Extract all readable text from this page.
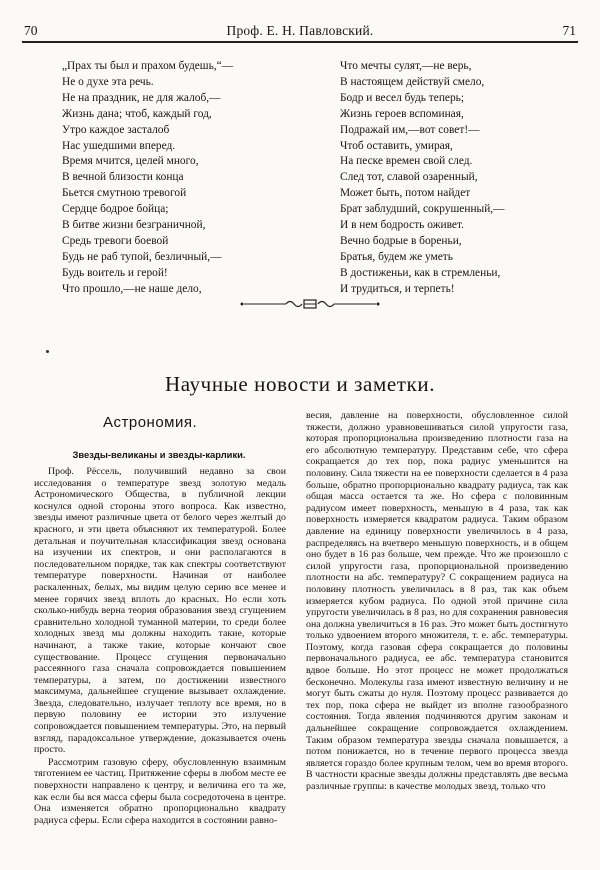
70	Проф. Е. Н. Павловский.	71
„Прах ты был и прахом будешь,“—
Не о духе эта речь.
Не на праздник, не для жалоб,—
Жизнь дана; чтоб, каждый год,
Утро каждое засталоб
Нас ушедшими вперед.
Время мчится, целей много,
В вечной близости конца
Бьется смутною тревогой
Сердце бодрое бойца;
В битве жизни безграничной,
Средь тревоги боевой
Будь не раб тупой, безличный,—
Будь воитель и герой!
Что прошло,—не наше дело,
Что мечты сулят,—не верь,
В настоящем действуй смело,
Бодр и весел будь теперь;
Жизнь героев вспоминая,
Подражай им,—вот совет!—
Чтоб оставить, умирая,
На песке времен свой след.
След тот, славой озаренный,
Может быть, потом найдет
Брат заблудший, сокрушенный,—
И в нем бодрость оживет.
Вечно бодрые в бореньи,
Братья, будем же уметь
В достиженьи, как в стремленьи,
И трудиться, и терпеть!
Научные новости и заметки.
Астрономия.
Звезды-великаны и звезды-карлики.

Проф. Рëссель, получивший недавно за свои исследования о температуре звезд золотую медаль Астрономического Общества, в публичной лекции коснулся одной стороны этого вопроса. Как известно, звезды имеют различные цвета от белого через желтый до красного, и эти цвета объясняют их температурой. Более детальная и поучительная классификация звезд основана на изучении их спектров, и они располагаются в последовательном порядке, так как спектры соответствуют температуре поверхности. Начиная от наиболее раскаленных, белых, мы видим целую серию все менее и менее горячих звезд вплоть до красных. Но если хоть сколько-нибудь верна теория образования звезд сгущением сравнительно холодной туманной материи, то среди более холодных звезд мы должны находить такие, которые начинают, а также такие, которые кончают свое существование. Процесс сгущения первоначально рассеянного газа сначала сопровождается повышением температуры, а затем, по достижении известного максимума, дальнейшее сгущение вызывает охлаждение. Звезда, следовательно, излучает теплоту все время, но в первую половину ее истории это излучение сопровождается повышением температуры. Это, на первый взгляд, парадоксальное утверждение, доказывается очень просто.

Рассмотрим газовую сферу, обусловленную взаимным тяготением ее частиц. Притяжение сферы в любом месте ее поверхности направлено к центру, и величина его та же, как если бы вся масса сферы была сосредоточена в центре. Она изменяется обратно пропорционально квадрату радиуса сферы. Если сфера находится в состоянии равно-

весия, давление на поверхности, обусловленное силой тяжести, должно уравновешиваться силой упругости газа, которая пропорциональна произведению плотности газа на его абсолютную температуру. Представим себе, что сфера сокращается до тех пор, пока радиус уменьшится на половину. Сила тяжести на ее поверхности сделается в 4 раза больше, обратно пропорционально квадрату радиуса, так как общая масса остается та же. Но сфера с половинным радиусом имеет поверхность, меньшую в 4 раза, так как поверхность измеряется квадратом радиуса. Таким образом давление на единицу поверхности увеличилось в 4 раза, распределяясь на вчетверо меньшую поверхность, и в общем оно будет в 16 раз больше, чем прежде. Что же произошло с силой упругости газа, пропорциональной произведению плотности на абс. температуру? С сокращением радиуса на половину плотность увеличилась в 8 раз, так как объем измеряется кубом радиуса. По одной этой причине сила упругости увеличилась в 8 раз, но для сохранения равновесия она должна увеличиться в 16 раз. Это может быть достигнуто только удвоением второго множителя, т. е. абс. температуры. Поэтому, когда газовая сфера сокращается до половины первоначального радиуса, ее абс. температура становится вдвое больше. Но этот процесс не может продолжаться бесконечно. Молекулы газа имеют известную величину и не могут быть сжаты до нуля. Поэтому процесс развивается до тех пор, пока сфера не выйдет из вполне газообразного состояния. Тогда явления подчиняются другим законам и дальнейшее сокращение сопровождается охлаждением. Таким образом температура звезды сначала повышается, а потом понижается, но в течение первого процесса звезда является гораздо более крупным телом, чем во время второго. В частности красные звезды должны представлять две весьма различные группы: в качестве молодых звезд, только что
